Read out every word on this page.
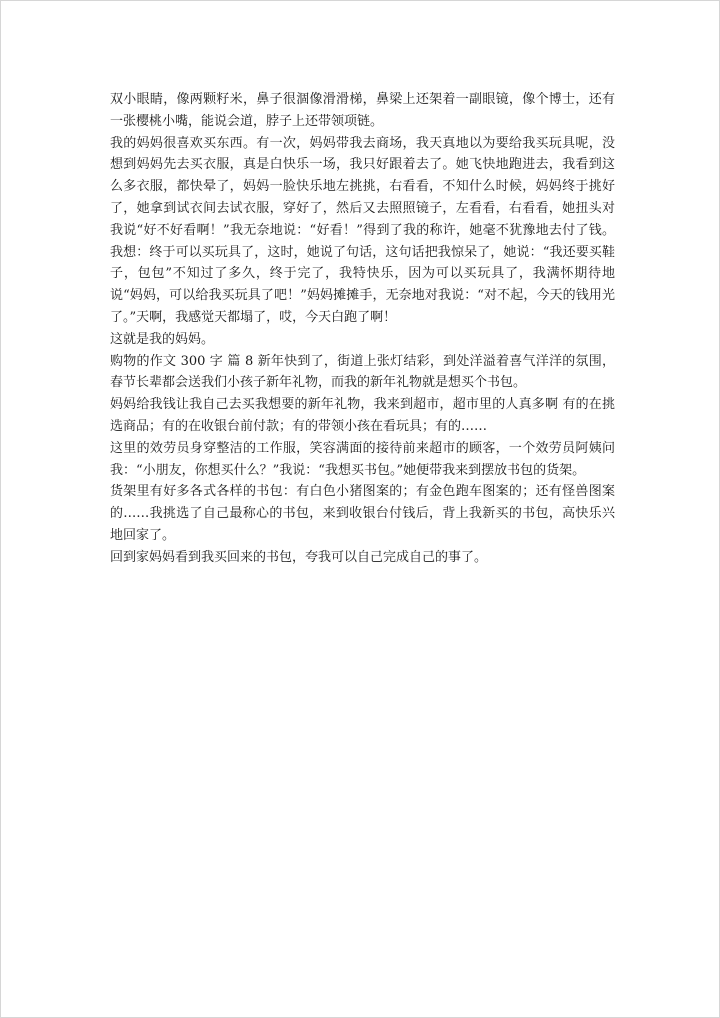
双小眼睛，像两颗籽米，鼻子很涸像滑滑梯，鼻梁上还架着一副眼镜，像个博士，还有一张樱桃小嘴，能说会道，脖子上还带领项链。

我的妈妈很喜欢买东西。有一次，妈妈带我去商场，我天真地以为要给我买玩具呢，没想到妈妈先去买衣服，真是白快乐一场，我只好跟着去了。她飞快地跑进去，我看到这么多衣服，都快晕了，妈妈一脸快乐地左挑挑，右看看，不知什么时候，妈妈终于挑好了，她拿到试衣间去试衣服，穿好了，然后又去照照镜子，左看看，右看看，她扭头对我说“好不好看啊！”我无奈地说：“好看！”得到了我的称许，她毫不犹豫地去付了钱。我想：终于可以买玩具了，这时，她说了句话，这句话把我惊呆了，她说：“我还要买鞋子，包包”不知过了多久，终于完了，我特快乐，因为可以买玩具了，我满怀期待地说“妈妈，可以给我买玩具了吧！”妈妈摊摊手，无奈地对我说：“对不起，今天的钱用光了。”天啊，我感觉天都塌了，哎，今天白跑了啊！

这就是我的妈妈。

购物的作文 300 字 篇 8 新年快到了，街道上张灯结彩，到处洋溢着喜气洋洋的氛围，春节长辈都会送我们小孩子新年礼物，而我的新年礼物就是想买个书包。

妈妈给我钱让我自己去买我想要的新年礼物，我来到超市，超市里的人真多啊 有的在挑选商品；有的在收银台前付款；有的带领小孩在看玩具；有的……

这里的效劳员身穿整洁的工作服，笑容满面的接待前来超市的顾客，一个效劳员阿姨问我：“小朋友，你想买什么？”我说：“我想买书包。”她便带我来到摆放书包的货架。

货架里有好多各式各样的书包：有白色小猪图案的；有金色跑车图案的；还有怪兽图案的……我挑选了自己最称心的书包，来到收银台付钱后，背上我新买的书包，高快乐兴地回家了。

回到家妈妈看到我买回来的书包，夸我可以自己完成自己的事了。
